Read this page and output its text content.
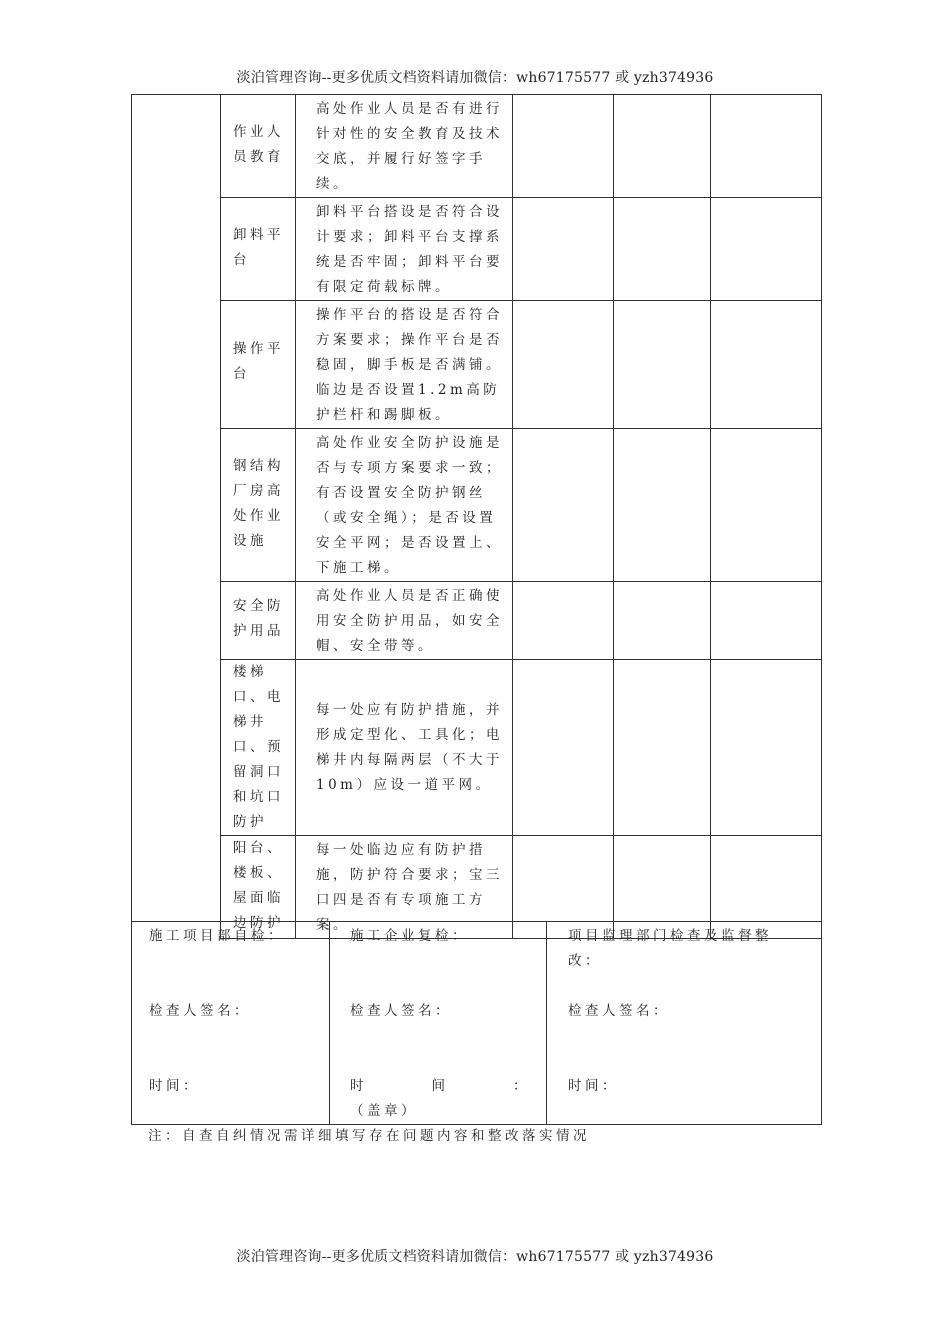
淡泊管理咨询--更多优质文档资料请加微信：wh67175577 或 yzh374936
	作业人员教育	高处作业人员是否有进行针对性的安全教育及技术交底，并履行好签字手续。			
	卸料平台	卸料平台搭设是否符合设计要求；卸料平台支撑系统是否牢固；卸料平台要有限定荷载标牌。			
	操作平台	操作平台的搭设是否符合方案要求；操作平台是否稳固，脚手板是否满铺。临边是否设置1.2m高防护栏杆和踢脚板。			
	钢结构厂房高处作业设施	高处作业安全防护设施是否与专项方案要求一致；有否设置安全防护钢丝（或安全绳）；是否设置安全平网；是否设置上、下施工梯。			
	安全防护用品	高处作业人员是否正确使用安全防护用品，如安全帽、安全带等。			
	楼梯口、电梯井口、预留洞口和坑口防护	每一处应有防护措施，并形成定型化、工具化；电梯井内每隔两层（不大于10m）应设一道平网。			
	阳台、楼板、屋面临边防护	每一处临边应有防护措施，防护符合要求；宝三口四是否有专项施工方案。			
施工项目部自检：
检查人签名：
时间：

施工企业复检：
检查人签名：
时	间	：
（盖章）

项目监理部门检查及监督整改：
检查人签名：
时间：
注：自查自纠情况需详细填写存在问题内容和整改落实情况
淡泊管理咨询--更多优质文档资料请加微信：wh67175577 或 yzh374936
